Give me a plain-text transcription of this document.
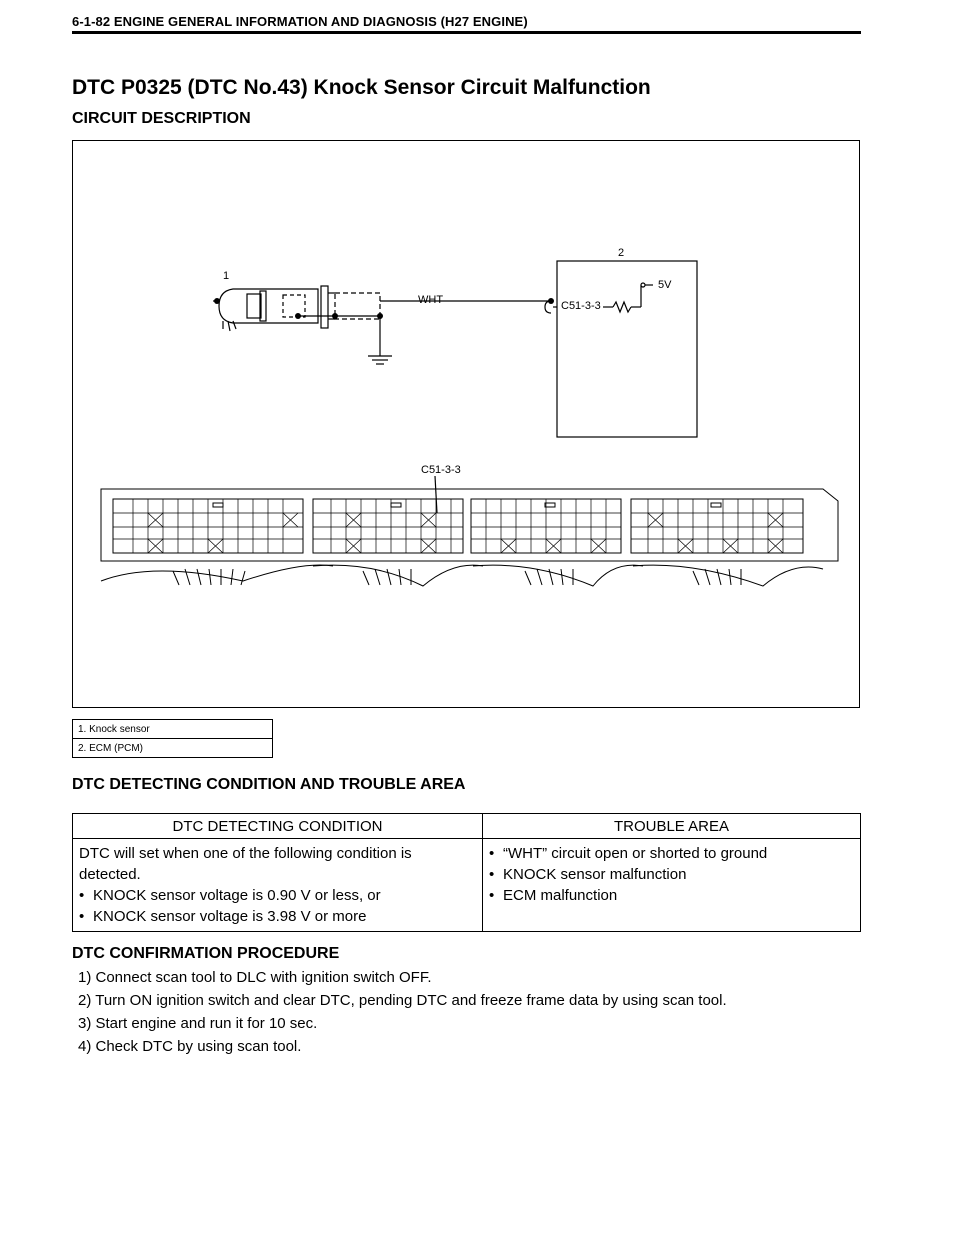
6-1-82 ENGINE GENERAL INFORMATION AND DIAGNOSIS (H27 ENGINE)
DTC P0325 (DTC No.43) Knock Sensor Circuit Malfunction
CIRCUIT DESCRIPTION
1
2
WHT	C51-3-3
5V
C51-3-3
1. Knock sensor
2. ECM (PCM)
DTC DETECTING CONDITION AND TROUBLE AREA
DTC DETECTING CONDITION	TROUBLE AREA

DTC will set when one of the following condition is
detected.
• KNOCK sensor voltage is 0.90 V or less, or
• KNOCK sensor voltage is 3.98 V or more	• “WHT” circuit open or shorted to ground
• KNOCK sensor malfunction
• ECM malfunction
DTC CONFIRMATION PROCEDURE
1) Connect scan tool to DLC with ignition switch OFF.
2) Turn ON ignition switch and clear DTC, pending DTC and freeze frame data by using scan tool.
3) Start engine and run it for 10 sec.
4) Check DTC by using scan tool.
